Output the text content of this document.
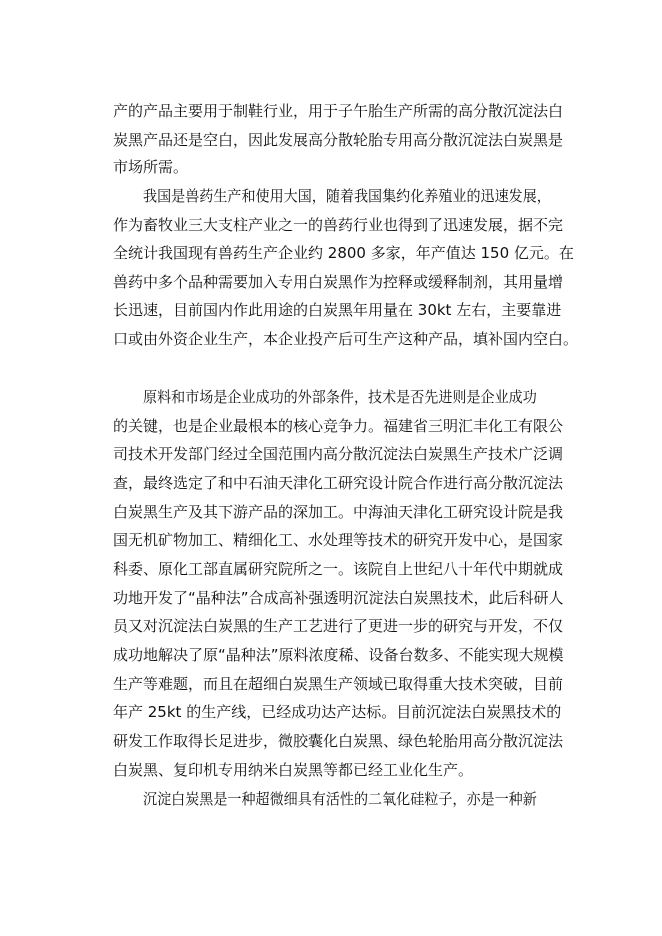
产的产品主要用于制鞋行业，用于子午胎生产所需的高分散沉淀法白
炭黑产品还是空白，因此发展高分散轮胎专用高分散沉淀法白炭黑是
市场所需。
我国是兽药生产和使用大国，随着我国集约化养殖业的迅速发展，
作为畜牧业三大支柱产业之一的兽药行业也得到了迅速发展，据不完
全统计我国现有兽药生产企业约 2800 多家，年产值达 150 亿元。在
兽药中多个品种需要加入专用白炭黑作为控释或缓释制剂，其用量增
长迅速，目前国内作此用途的白炭黑年用量在 30kt 左右，主要靠进
口或由外资企业生产，本企业投产后可生产这种产品，填补国内空白。
原料和市场是企业成功的外部条件，技术是否先进则是企业成功
的关键，也是企业最根本的核心竞争力。福建省三明汇丰化工有限公
司技术开发部门经过全国范围内高分散沉淀法白炭黑生产技术广泛调
查，最终选定了和中石油天津化工研究设计院合作进行高分散沉淀法
白炭黑生产及其下游产品的深加工。中海油天津化工研究设计院是我
国无机矿物加工、精细化工、水处理等技术的研究开发中心，是国家
科委、原化工部直属研究院所之一。该院自上世纪八十年代中期就成
功地开发了“晶种法”合成高补强透明沉淀法白炭黑技术，此后科研人
员又对沉淀法白炭黑的生产工艺进行了更进一步的研究与开发，不仅
成功地解决了原“晶种法”原料浓度稀、设备台数多、不能实现大规模
生产等难题，而且在超细白炭黑生产领域已取得重大技术突破，目前
年产 25kt 的生产线，已经成功达产达标。目前沉淀法白炭黑技术的
研发工作取得长足进步，微胶囊化白炭黑、绿色轮胎用高分散沉淀法
白炭黑、复印机专用纳米白炭黑等都已经工业化生产。
沉淀白炭黑是一种超微细具有活性的二氧化硅粒子，亦是一种新
